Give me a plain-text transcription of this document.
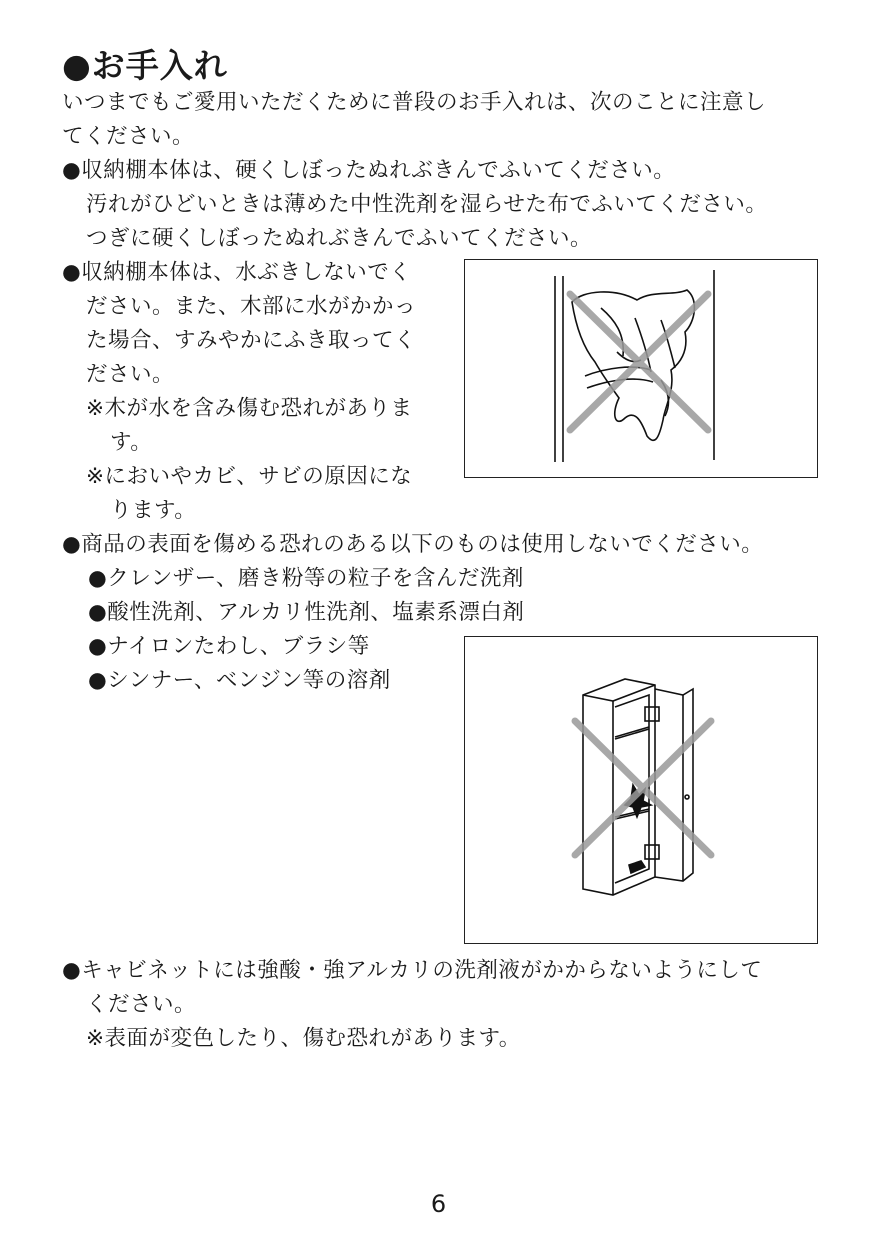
●お手入れ
いつまでもご愛用いただくために普段のお手入れは、次のことに注意し
てください。
●収納棚本体は、硬くしぼったぬれぶきんでふいてください。
汚れがひどいときは薄めた中性洗剤を湿らせた布でふいてください。
つぎに硬くしぼったぬれぶきんでふいてください。
●収納棚本体は、水ぶきしないでく
ださい。また、木部に水がかかっ
た場合、すみやかにふき取ってく
ださい。
※木が水を含み傷む恐れがありま
す。
※においやカビ、サビの原因にな
ります。
●商品の表面を傷める恐れのある以下のものは使用しないでください。
●クレンザー、磨き粉等の粒子を含んだ洗剤
●酸性洗剤、アルカリ性洗剤、塩素系漂白剤
●ナイロンたわし、ブラシ等
●シンナー、ベンジン等の溶剤
●キャビネットには強酸・強アルカリの洗剤液がかからないようにして
ください。
※表面が変色したり、傷む恐れがあります。
6
